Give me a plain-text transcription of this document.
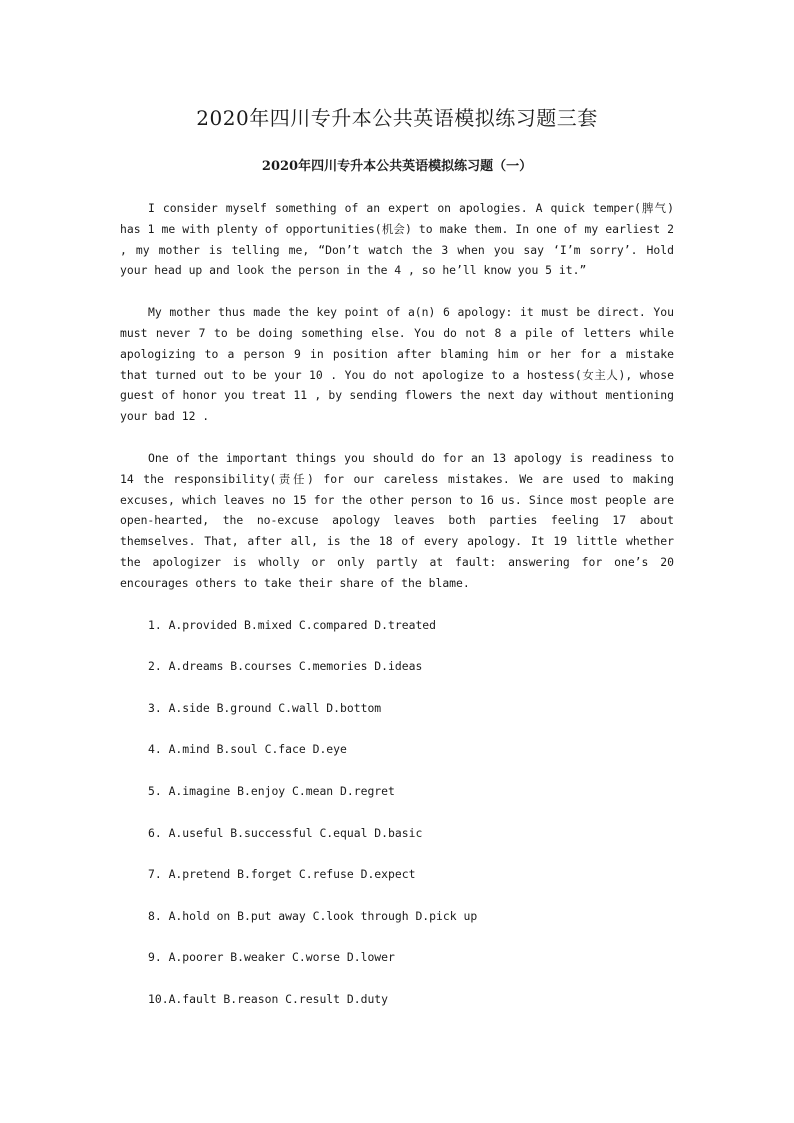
2020年四川专升本公共英语模拟练习题三套
2020年四川专升本公共英语模拟练习题（一）

I consider myself something of an expert on apologies. A quick temper(脾气) has 1 me with plenty of opportunities(机会) to make them. In one of my earliest 2 , my mother is telling me, “Don’t watch the 3 when you say ‘I’m sorry’. Hold your head up and look the person in the 4 , so he’ll know you 5 it.”

My mother thus made the key point of a(n) 6 apology: it must be direct. You must never 7 to be doing something else. You do not 8 a pile of letters while apologizing to a person 9 in position after blaming him or her for a mistake that turned out to be your 10 . You do not apologize to a hostess(女主人), whose guest of honor you treat 11 , by sending flowers the next day without mentioning your bad 12 .

One of the important things you should do for an 13 apology is readiness to 14 the responsibility(责任) for our careless mistakes. We are used to making excuses, which leaves no 15 for the other person to 16 us. Since most people are open-hearted, the no-excuse apology leaves both parties feeling 17 about themselves. That, after all, is the 18 of every apology. It 19 little whether the apologizer is wholly or only partly at fault: answering for one’s 20 encourages others to take their share of the blame.

1. A.provided B.mixed C.compared D.treated
2. A.dreams B.courses C.memories D.ideas
3. A.side B.ground C.wall D.bottom
4. A.mind B.soul C.face D.eye
5. A.imagine B.enjoy C.mean D.regret
6. A.useful B.successful C.equal D.basic
7. A.pretend B.forget C.refuse D.expect
8. A.hold on B.put away C.look through D.pick up
9. A.poorer B.weaker C.worse D.lower
10.A.fault B.reason C.result D.duty
